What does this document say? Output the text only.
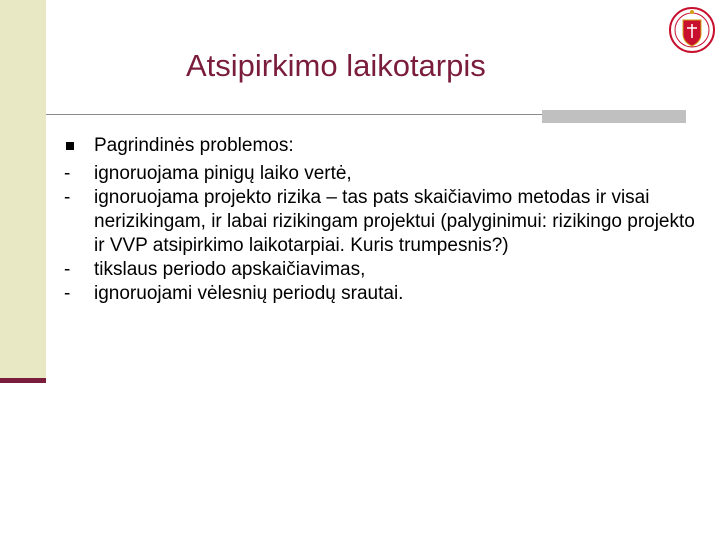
Atsipirkimo laikotarpis
Pagrindinės problemos:
-	ignoruojama pinigų laiko vertė,
-	ignoruojama projekto rizika – tas pats skaičiavimo metodas ir visai nerizikingam, ir labai rizikingam projektui (palyginimui: rizikingo projekto ir VVP atsipirkimo laikotarpiai. Kuris trumpesnis?)
-	tikslaus periodo apskaičiavimas,
-	ignoruojami vėlesnių periodų srautai.
